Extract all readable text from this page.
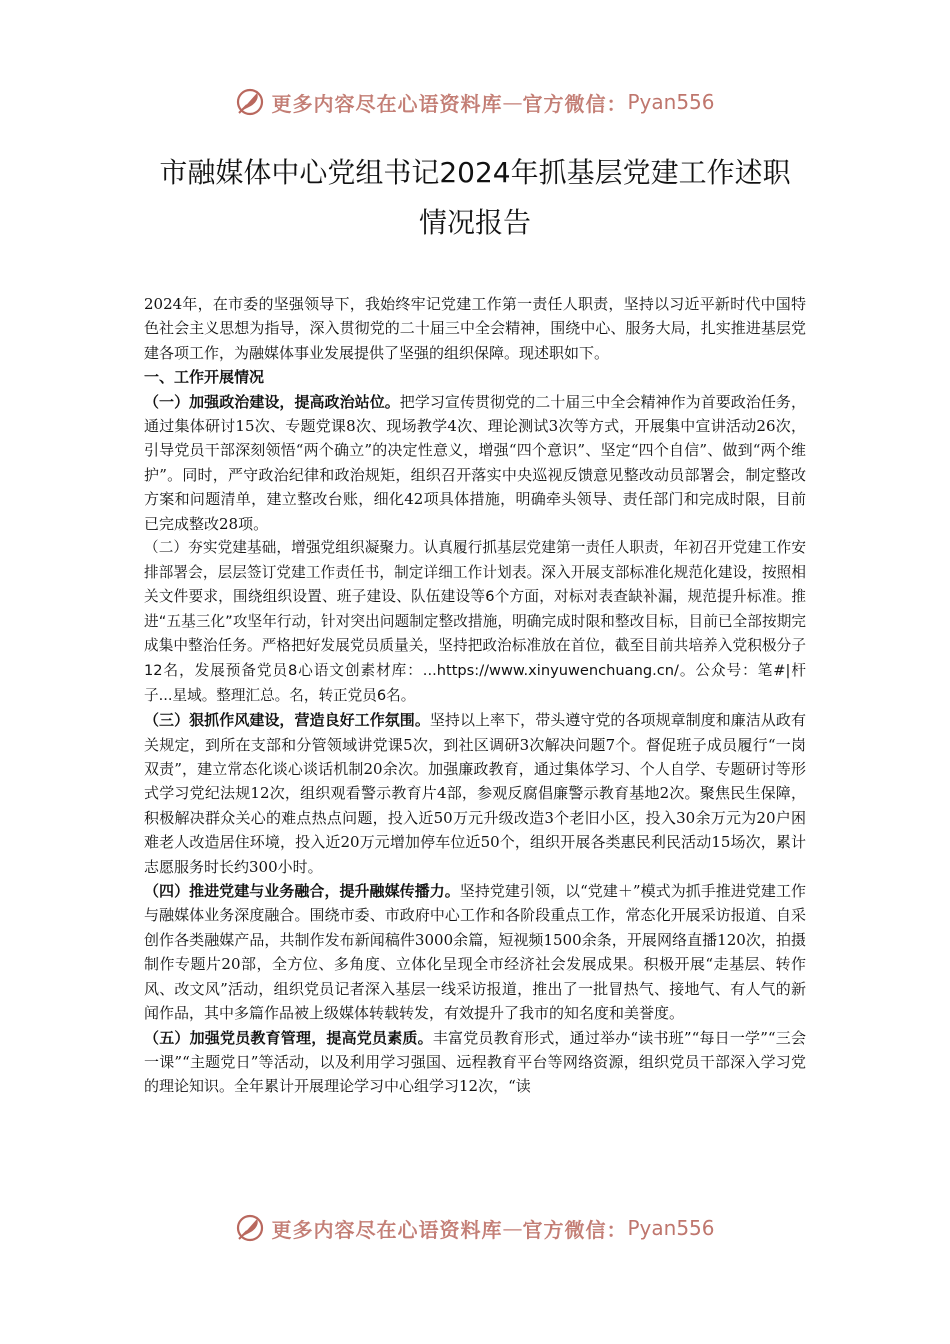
更多内容尽在心语资料库 — 官方微信： Pyan556
市融媒体中心党组书记2024年抓基层党建工作述职
情况报告

2024年，在市委的坚强领导下，我始终牢记党建工作第一责任人职责，坚持以习近平新时代中国特色社会主义思想为指导，深入贯彻党的二十届三中全会精神，围绕中心、服务大局，扎实推进基层党建各项工作，为融媒体事业发展提供了坚强的组织保障。现述职如下。

一、工作开展情况

（一）加强政治建设，提高政治站位。把学习宣传贯彻党的二十届三中全会精神作为首要政治任务，通过集体研讨15次、专题党课8次、现场教学4次、理论测试3次等方式，开展集中宣讲活动26次，引导党员干部深刻领悟“两个确立”的决定性意义，增强“四个意识”、坚定“四个自信”、做到“两个维护”。同时，严守政治纪律和政治规矩，组织召开落实中央巡视反馈意见整改动员部署会，制定整改方案和问题清单，建立整改台账，细化42项具体措施，明确牵头领导、责任部门和完成时限，目前已完成整改28项。

（二）夯实党建基础，增强党组织凝聚力。认真履行抓基层党建第一责任人职责，年初召开党建工作安排部署会，层层签订党建工作责任书，制定详细工作计划表。深入开展支部标准化规范化建设，按照相关文件要求，围绕组织设置、班子建设、队伍建设等6个方面，对标对表查缺补漏，规范提升标准。推进“五基三化”攻坚年行动，针对突出问题制定整改措施，明确完成时限和整改目标，目前已全部按期完成集中整治任务。严格把好发展党员质量关，坚持把政治标准放在首位，截至目前共培养入党积极分子12名，发展预备党员8心语文创素材库：...https://www.xinyuwenchuang.cn/。公众号：笔#|杆子...星域。整理汇总。名，转正党员6名。

（三）狠抓作风建设，营造良好工作氛围。坚持以上率下，带头遵守党的各项规章制度和廉洁从政有关规定，到所在支部和分管领域讲党课5次，到社区调研3次解决问题7个。督促班子成员履行“一岗双责”，建立常态化谈心谈话机制20余次。加强廉政教育，通过集体学习、个人自学、专题研讨等形式学习党纪法规12次，组织观看警示教育片4部，参观反腐倡廉警示教育基地2次。聚焦民生保障，积极解决群众关心的难点热点问题，投入近50万元升级改造3个老旧小区，投入30余万元为20户困难老人改造居住环境，投入近20万元增加停车位近50个，组织开展各类惠民利民活动15场次，累计志愿服务时长约300小时。

（四）推进党建与业务融合，提升融媒传播力。坚持党建引领，以“党建＋”模式为抓手推进党建工作与融媒体业务深度融合。围绕市委、市政府中心工作和各阶段重点工作，常态化开展采访报道、自采创作各类融媒产品，共制作发布新闻稿件3000余篇，短视频1500余条，开展网络直播120次，拍摄制作专题片20部，全方位、多角度、立体化呈现全市经济社会发展成果。积极开展“走基层、转作风、改文风”活动，组织党员记者深入基层一线采访报道，推出了一批冒热气、接地气、有人气的新闻作品，其中多篇作品被上级媒体转载转发，有效提升了我市的知名度和美誉度。

（五）加强党员教育管理，提高党员素质。丰富党员教育形式，通过举办“读书班”“每日一学”“三会一课”“主题党日”等活动，以及利用学习强国、远程教育平台等网络资源，组织党员干部深入学习党的理论知识。全年累计开展理论学习中心组学习12次，“读

更多内容尽在心语资料库 — 官方微信： Pyan556
